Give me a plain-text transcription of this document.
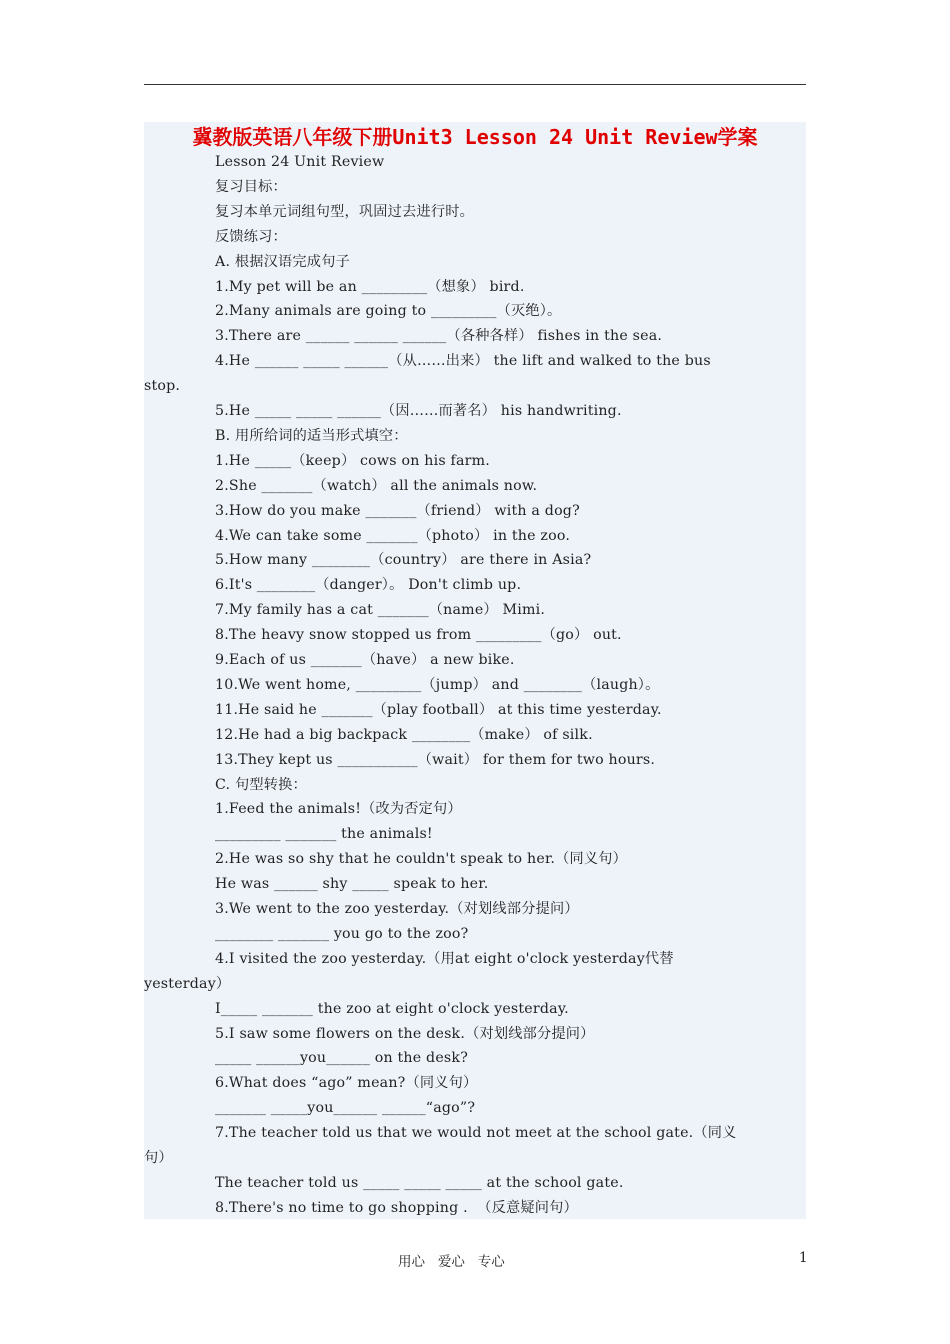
冀教版英语八年级下册Unit3 Lesson 24 Unit Review学案
Lesson 24 Unit Review
复习目标：
复习本单元词组句型，巩固过去进行时。
反馈练习：
A. 根据汉语完成句子
1.My pet will be an _________（想象） bird.
2.Many animals are going to _________（灭绝）。
3.There are ______ ______ ______（各种各样） fishes in the sea.
4.He ______ _____ ______（从……出来） the lift and walked to the bus
stop.
5.He _____ _____ ______（因……而著名） his handwriting.
B. 用所给词的适当形式填空：
1.He _____（keep） cows on his farm.
2.She _______（watch） all the animals now.
3.How do you make _______（friend） with a dog?
4.We can take some _______（photo） in the zoo.
5.How many ________（country） are there in Asia?
6.It's ________（danger）。 Don't climb up.
7.My family has a cat _______（name） Mimi.
8.The heavy snow stopped us from _________（go） out.
9.Each of us _______（have） a new bike.
10.We went home, _________（jump） and ________（laugh）。
11.He said he _______（play football） at this time yesterday.
12.He had a big backpack ________（make） of silk.
13.They kept us ___________（wait） for them for two hours.
C. 句型转换：
1.Feed the animals!（改为否定句）
_________ _______ the animals!
2.He was so shy that he couldn't speak to her.（同义句）
He was ______ shy _____ speak to her.
3.We went to the zoo yesterday.（对划线部分提问）
________ _______ you go to the zoo?
4.I visited the zoo yesterday.（用at eight o'clock yesterday代替
yesterday）
I_____ _______ the zoo at eight o'clock yesterday.
5.I saw some flowers on the desk.（对划线部分提问）
_____ ______you______ on the desk?
6.What does “ago” mean?（同义句）
_______ _____you______ ______“ago”?
7.The teacher told us that we would not meet at the school gate.（同义
句）
The teacher told us _____ _____ _____ at the school gate.
8.There's no time to go shopping .  （反意疑问句）
用心   爱心   专心	1
